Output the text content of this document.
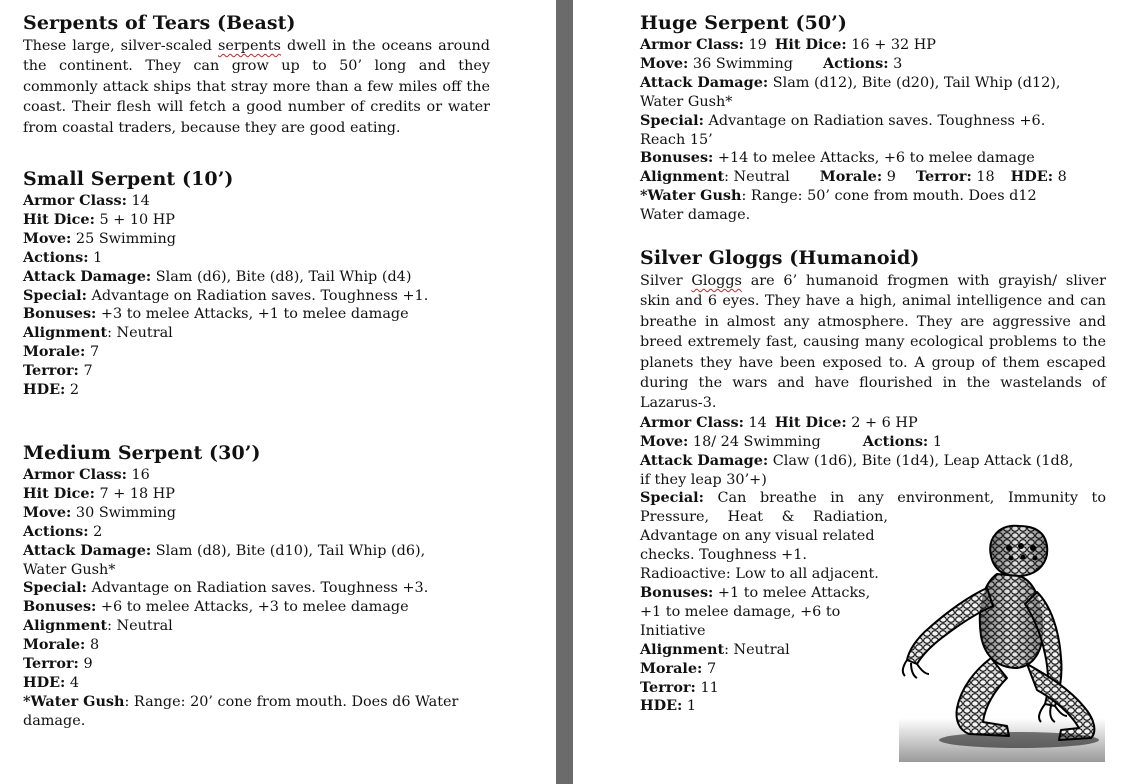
Serpents of Tears (Beast)

These large, silver-scaled serpents dwell in the oceans around the continent. They can grow up to 50’ long and they commonly attack ships that stray more than a few miles off the coast. Their flesh will fetch a good number of credits or water from coastal traders, because they are good eating.

Small Serpent (10’)
Armor Class: 14
Hit Dice: 5 + 10 HP
Move: 25 Swimming
Actions: 1
Attack Damage: Slam (d6), Bite (d8), Tail Whip (d4)
Special: Advantage on Radiation saves. Toughness +1.
Bonuses: +3 to melee Attacks, +1 to melee damage
Alignment: Neutral
Morale: 7
Terror: 7
HDE: 2
Medium Serpent (30’)
Armor Class: 16
Hit Dice: 7 + 18 HP
Move: 30 Swimming
Actions: 2
Attack Damage: Slam (d8), Bite (d10), Tail Whip (d6),
Water Gush*
Special: Advantage on Radiation saves. Toughness +3.
Bonuses: +6 to melee Attacks, +3 to melee damage
Alignment: Neutral
Morale: 8
Terror: 9
HDE: 4
*Water Gush: Range: 20’ cone from mouth. Does d6 Water
damage.
Huge Serpent (50’)
Armor Class: 19 Hit Dice: 16 + 32 HP
Move: 36 Swimming Actions: 3
Attack Damage: Slam (d12), Bite (d20), Tail Whip (d12),
Water Gush*
Special: Advantage on Radiation saves. Toughness +6.
Reach 15’
Bonuses: +14 to melee Attacks, +6 to melee damage
Alignment: Neutral Morale: 9 Terror: 18 HDE: 8
*Water Gush: Range: 50’ cone from mouth. Does d12
Water damage.
Silver Gloggs (Humanoid)

Silver Gloggs are 6’ humanoid frogmen with grayish/ sliver skin and 6 eyes. They have a high, animal intelligence and can breathe in almost any atmosphere. They are aggressive and breed extremely fast, causing many ecological problems to the planets they have been exposed to. A group of them escaped during the wars and have flourished in the wastelands of Lazarus-3.

Armor Class: 14 Hit Dice: 2 + 6 HP
Move: 18/ 24 Swimming	Actions: 1
Attack Damage: Claw (1d6), Bite (1d4), Leap Attack (1d8,
if they leap 30’+)
Special: Can breathe in any environment, Immunity to
Pressure, Heat & Radiation,
Advantage on any visual related
checks. Toughness +1.
Radioactive: Low to all adjacent.
Bonuses: +1 to melee Attacks,
+1 to melee damage, +6 to
Initiative
Alignment: Neutral
Morale: 7
Terror: 11
HDE: 1
